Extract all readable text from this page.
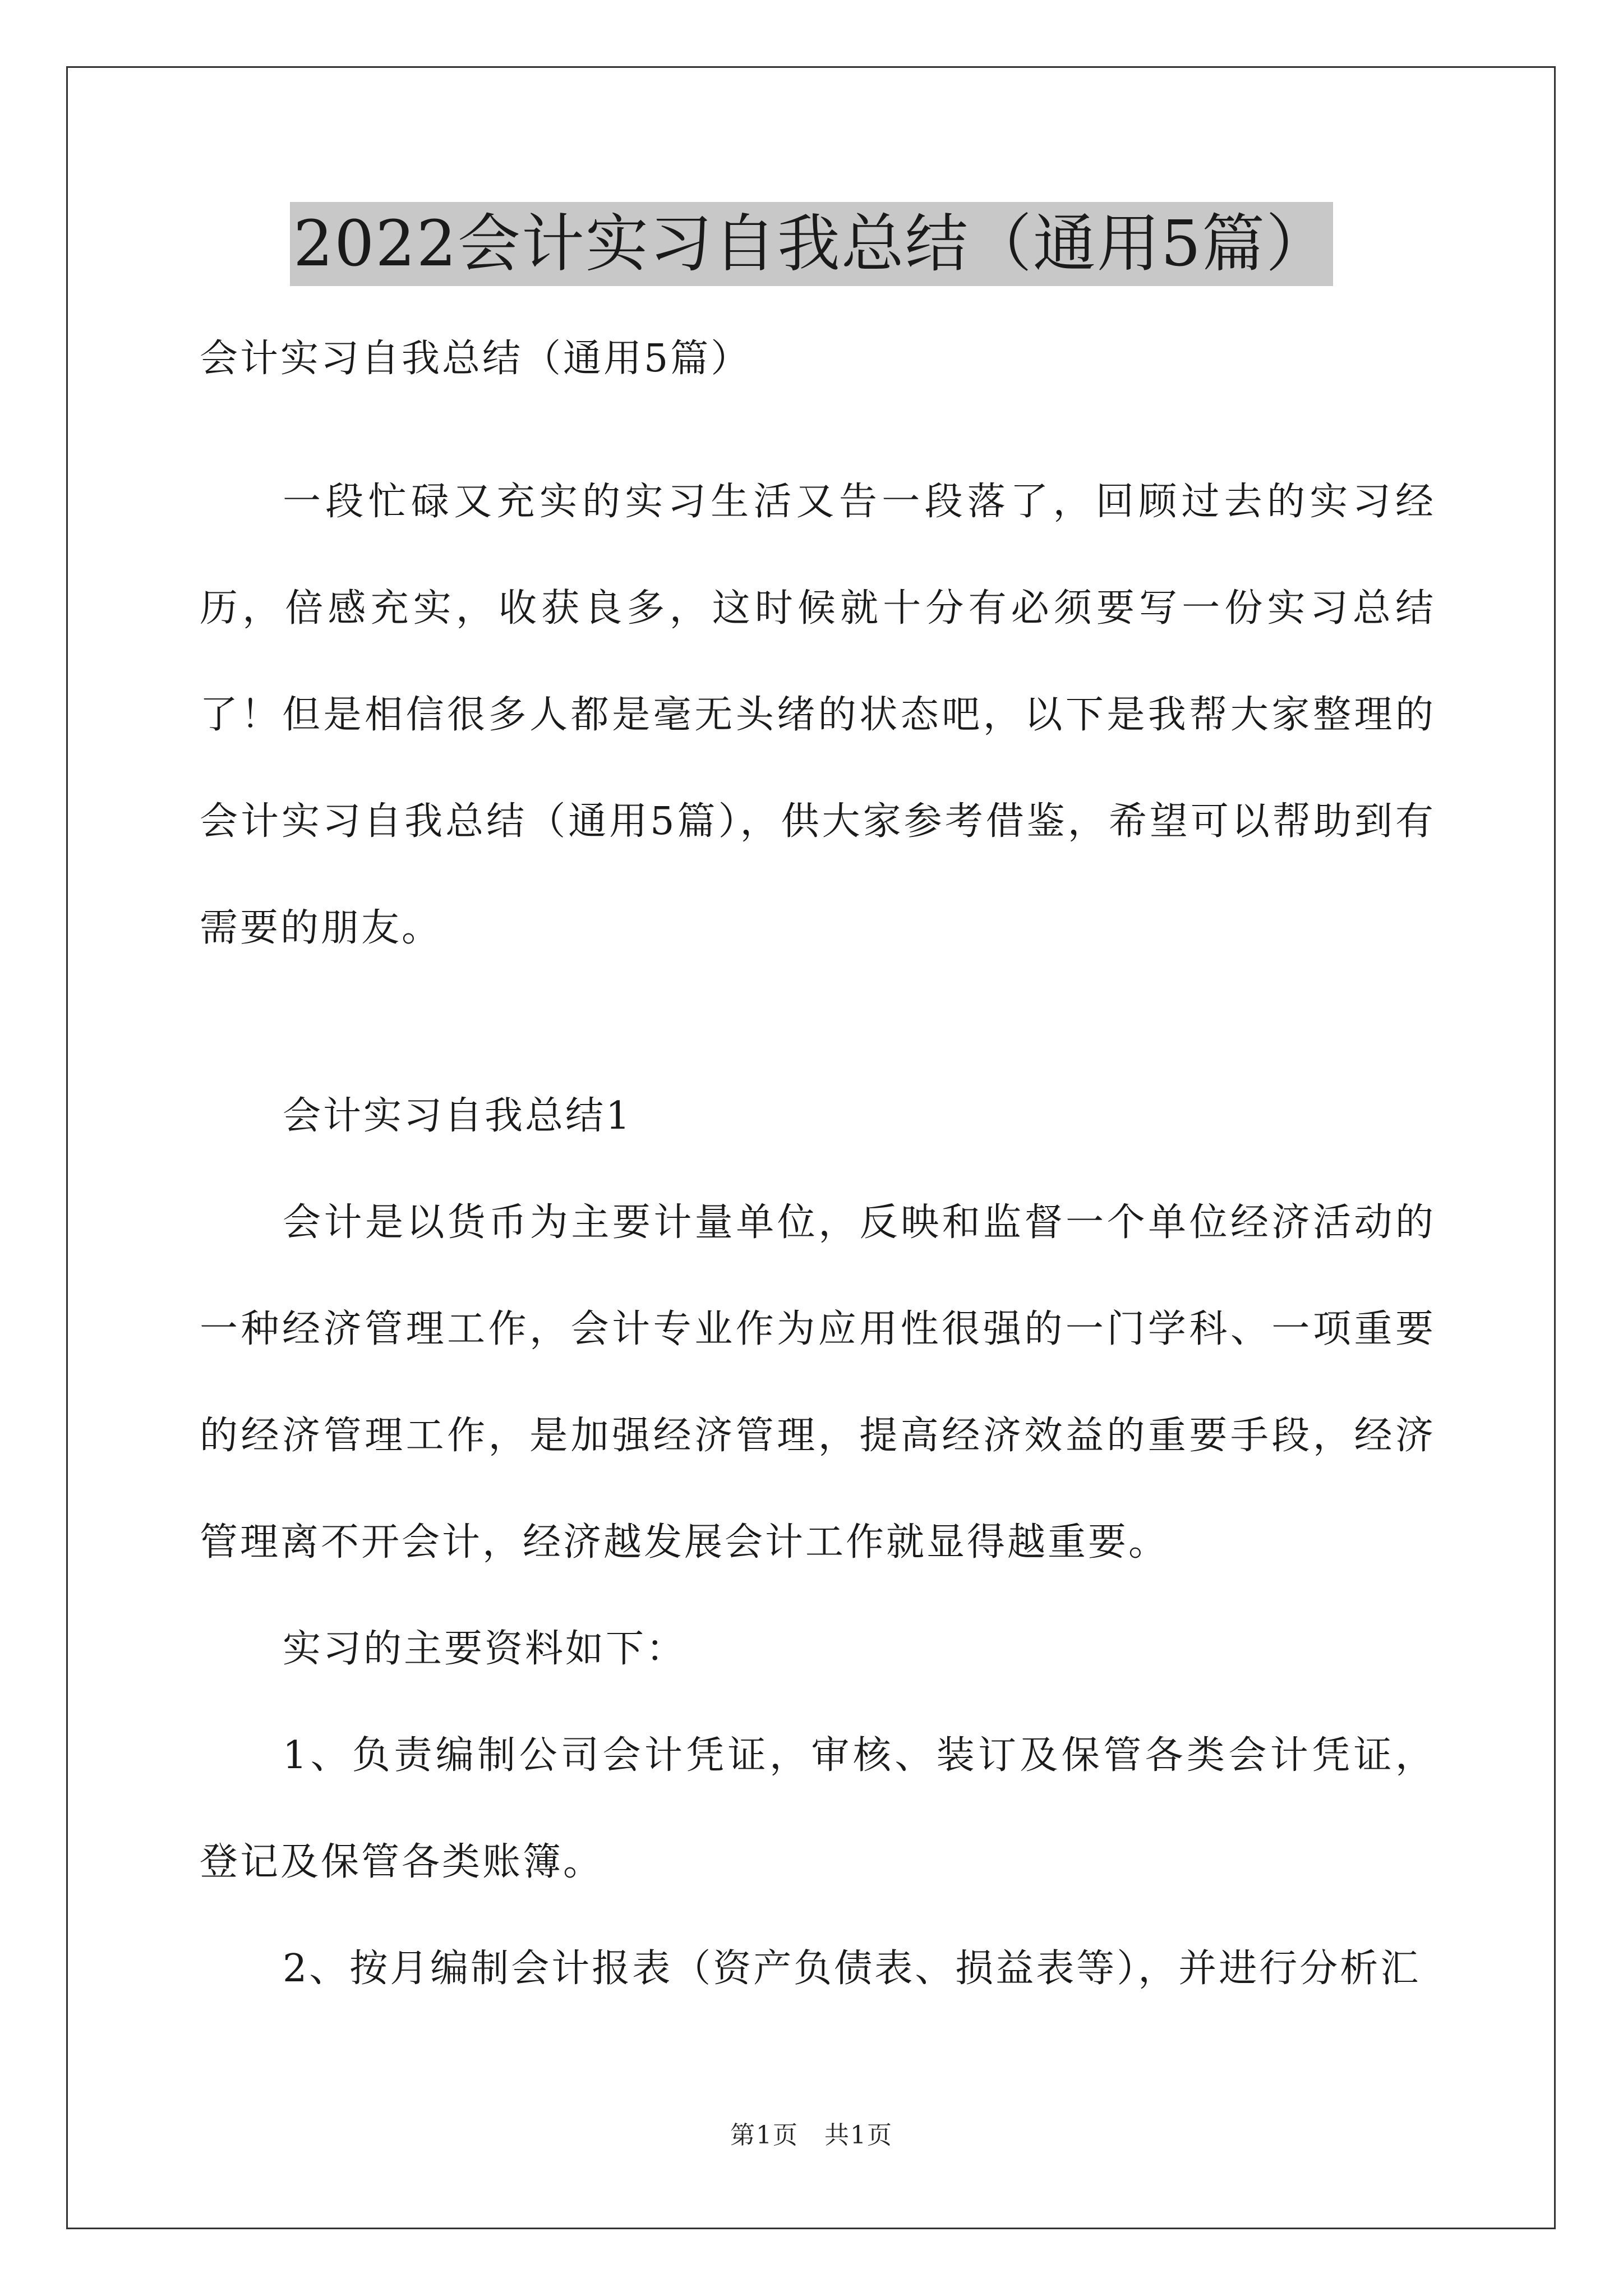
2022会计实习自我总结（通用5篇）
会计实习自我总结（通用5篇）
一段忙碌又充实的实习生活又告一段落了，回顾过去的实习经历，倍感充实，收获良多，这时候就十分有必须要写一份实习总结了！但是相信很多人都是毫无头绪的状态吧，以下是我帮大家整理的会计实习自我总结（通用5篇），供大家参考借鉴，希望可以帮助到有需要的朋友。

会计实习自我总结1

会计是以货币为主要计量单位，反映和监督一个单位经济活动的一种经济管理工作，会计专业作为应用性很强的一门学科、一项重要的经济管理工作，是加强经济管理，提高经济效益的重要手段，经济管理离不开会计，经济越发展会计工作就显得越重要。

实习的主要资料如下：

1、负责编制公司会计凭证，审核、装订及保管各类会计凭证，登记及保管各类账簿。

2、按月编制会计报表（资产负债表、损益表等），并进行分析汇

第1页　共1页
